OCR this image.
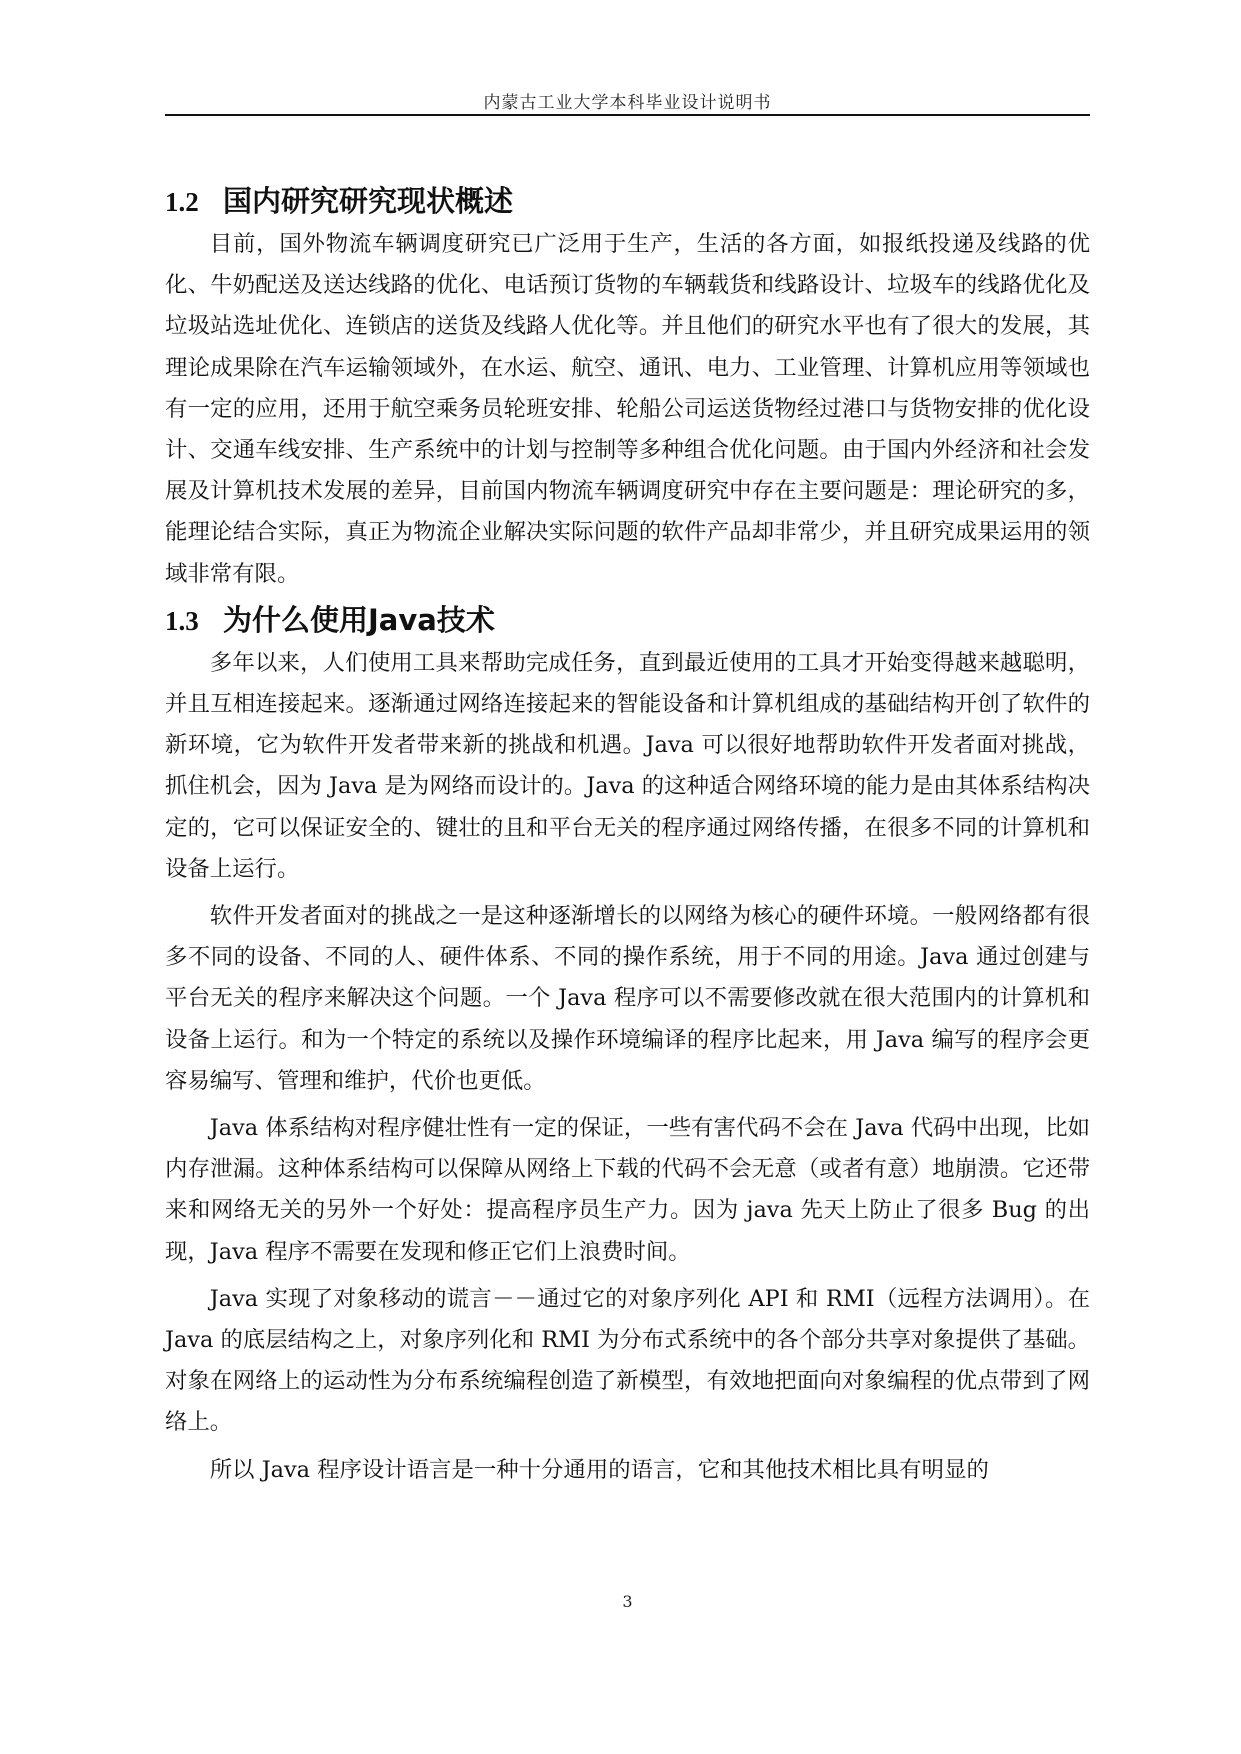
内蒙古工业大学本科毕业设计说明书
1.2 国内研究研究现状概述

目前，国外物流车辆调度研究已广泛用于生产，生活的各方面，如报纸投递及线路的优化、牛奶配送及送达线路的优化、电话预订货物的车辆载货和线路设计、垃圾车的线路优化及垃圾站选址优化、连锁店的送货及线路人优化等。并且他们的研究水平也有了很大的发展，其理论成果除在汽车运输领域外，在水运、航空、通讯、电力、工业管理、计算机应用等领域也有一定的应用，还用于航空乘务员轮班安排、轮船公司运送货物经过港口与货物安排的优化设计、交通车线安排、生产系统中的计划与控制等多种组合优化问题。由于国内外经济和社会发展及计算机技术发展的差异，目前国内物流车辆调度研究中存在主要问题是：理论研究的多，能理论结合实际，真正为物流企业解决实际问题的软件产品却非常少，并且研究成果运用的领域非常有限。

1.3 为什么使用Java技术

多年以来，人们使用工具来帮助完成任务，直到最近使用的工具才开始变得越来越聪明，并且互相连接起来。逐渐通过网络连接起来的智能设备和计算机组成的基础结构开创了软件的新环境，它为软件开发者带来新的挑战和机遇。Java 可以很好地帮助软件开发者面对挑战，抓住机会，因为 Java 是为网络而设计的。Java 的这种适合网络环境的能力是由其体系结构决定的，它可以保证安全的、键壮的且和平台无关的程序通过网络传播，在很多不同的计算机和设备上运行。

软件开发者面对的挑战之一是这种逐渐增长的以网络为核心的硬件环境。一般网络都有很多不同的设备、不同的人、硬件体系、不同的操作系统，用于不同的用途。Java 通过创建与平台无关的程序来解决这个问题。一个 Java 程序可以不需要修改就在很大范围内的计算机和设备上运行。和为一个特定的系统以及操作环境编译的程序比起来，用 Java 编写的程序会更容易编写、管理和维护，代价也更低。

Java 体系结构对程序健壮性有一定的保证，一些有害代码不会在 Java 代码中出现，比如内存泄漏。这种体系结构可以保障从网络上下载的代码不会无意（或者有意）地崩溃。它还带来和网络无关的另外一个好处：提高程序员生产力。因为 java 先天上防止了很多 Bug 的出现，Java 程序不需要在发现和修正它们上浪费时间。

Java 实现了对象移动的谎言－－通过它的对象序列化 API 和 RMI（远程方法调用）。在 Java 的底层结构之上，对象序列化和 RMI 为分布式系统中的各个部分共享对象提供了基础。对象在网络上的运动性为分布系统编程创造了新模型，有效地把面向对象编程的优点带到了网络上。

所以 Java 程序设计语言是一种十分通用的语言，它和其他技术相比具有明显的

3
